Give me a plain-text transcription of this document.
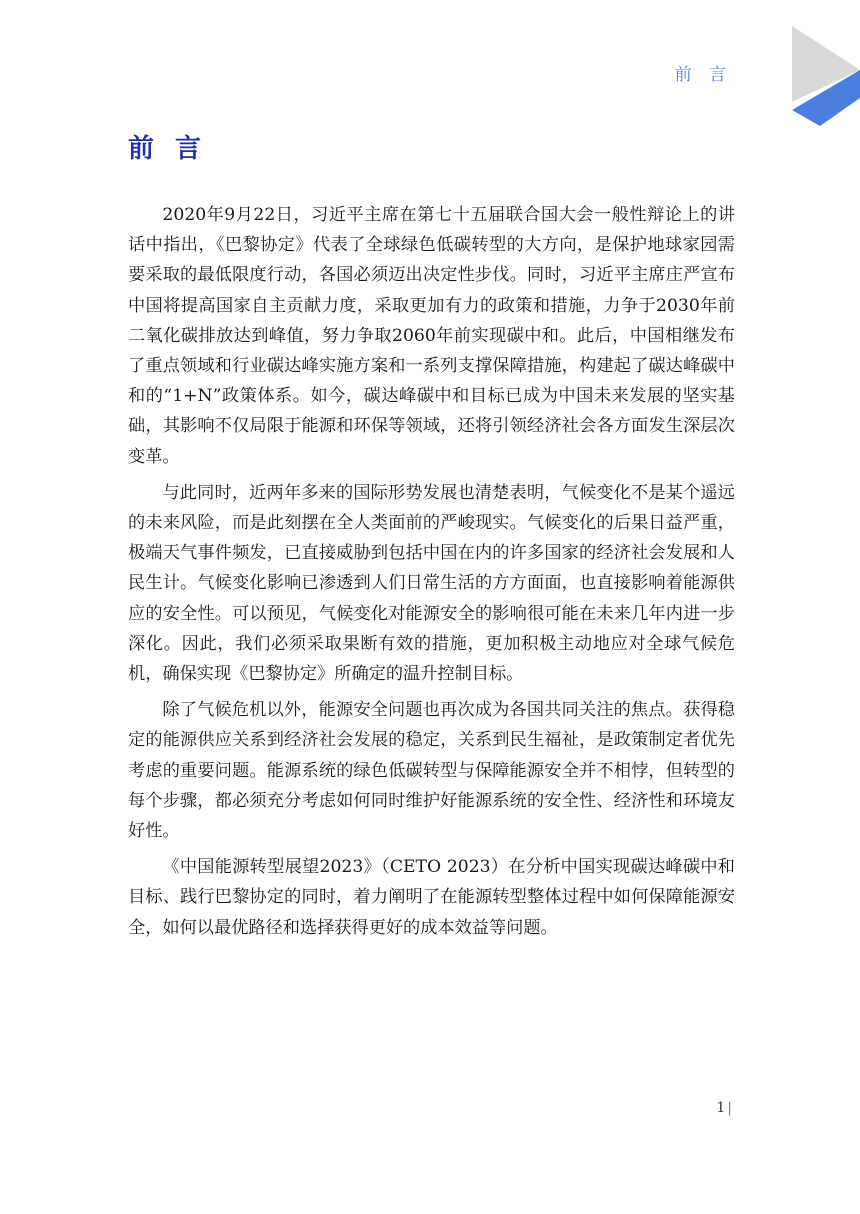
前 言
前 言

2020年9月22日，习近平主席在第七十五届联合国大会一般性辩论上的讲话中指出，《巴黎协定》代表了全球绿色低碳转型的大方向，是保护地球家园需要采取的最低限度行动，各国必须迈出决定性步伐。同时，习近平主席庄严宣布中国将提高国家自主贡献力度，采取更加有力的政策和措施，力争于2030年前二氧化碳排放达到峰值，努力争取2060年前实现碳中和。此后，中国相继发布了重点领域和行业碳达峰实施方案和一系列支撑保障措施，构建起了碳达峰碳中和的“1+N”政策体系。如今，碳达峰碳中和目标已成为中国未来发展的坚实基础，其影响不仅局限于能源和环保等领域，还将引领经济社会各方面发生深层次变革。

与此同时，近两年多来的国际形势发展也清楚表明，气候变化不是某个遥远的未来风险，而是此刻摆在全人类面前的严峻现实。气候变化的后果日益严重，极端天气事件频发，已直接威胁到包括中国在内的许多国家的经济社会发展和人民生计。气候变化影响已渗透到人们日常生活的方方面面，也直接影响着能源供应的安全性。可以预见，气候变化对能源安全的影响很可能在未来几年内进一步深化。因此，我们必须采取果断有效的措施，更加积极主动地应对全球气候危机，确保实现《巴黎协定》所确定的温升控制目标。

除了气候危机以外，能源安全问题也再次成为各国共同关注的焦点。获得稳定的能源供应关系到经济社会发展的稳定，关系到民生福祉，是政策制定者优先考虑的重要问题。能源系统的绿色低碳转型与保障能源安全并不相悖，但转型的每个步骤，都必须充分考虑如何同时维护好能源系统的安全性、经济性和环境友好性。

《中国能源转型展望2023》（CETO 2023）在分析中国实现碳达峰碳中和目标、践行巴黎协定的同时，着力阐明了在能源转型整体过程中如何保障能源安全，如何以最优路径和选择获得更好的成本效益等问题。

1 |
